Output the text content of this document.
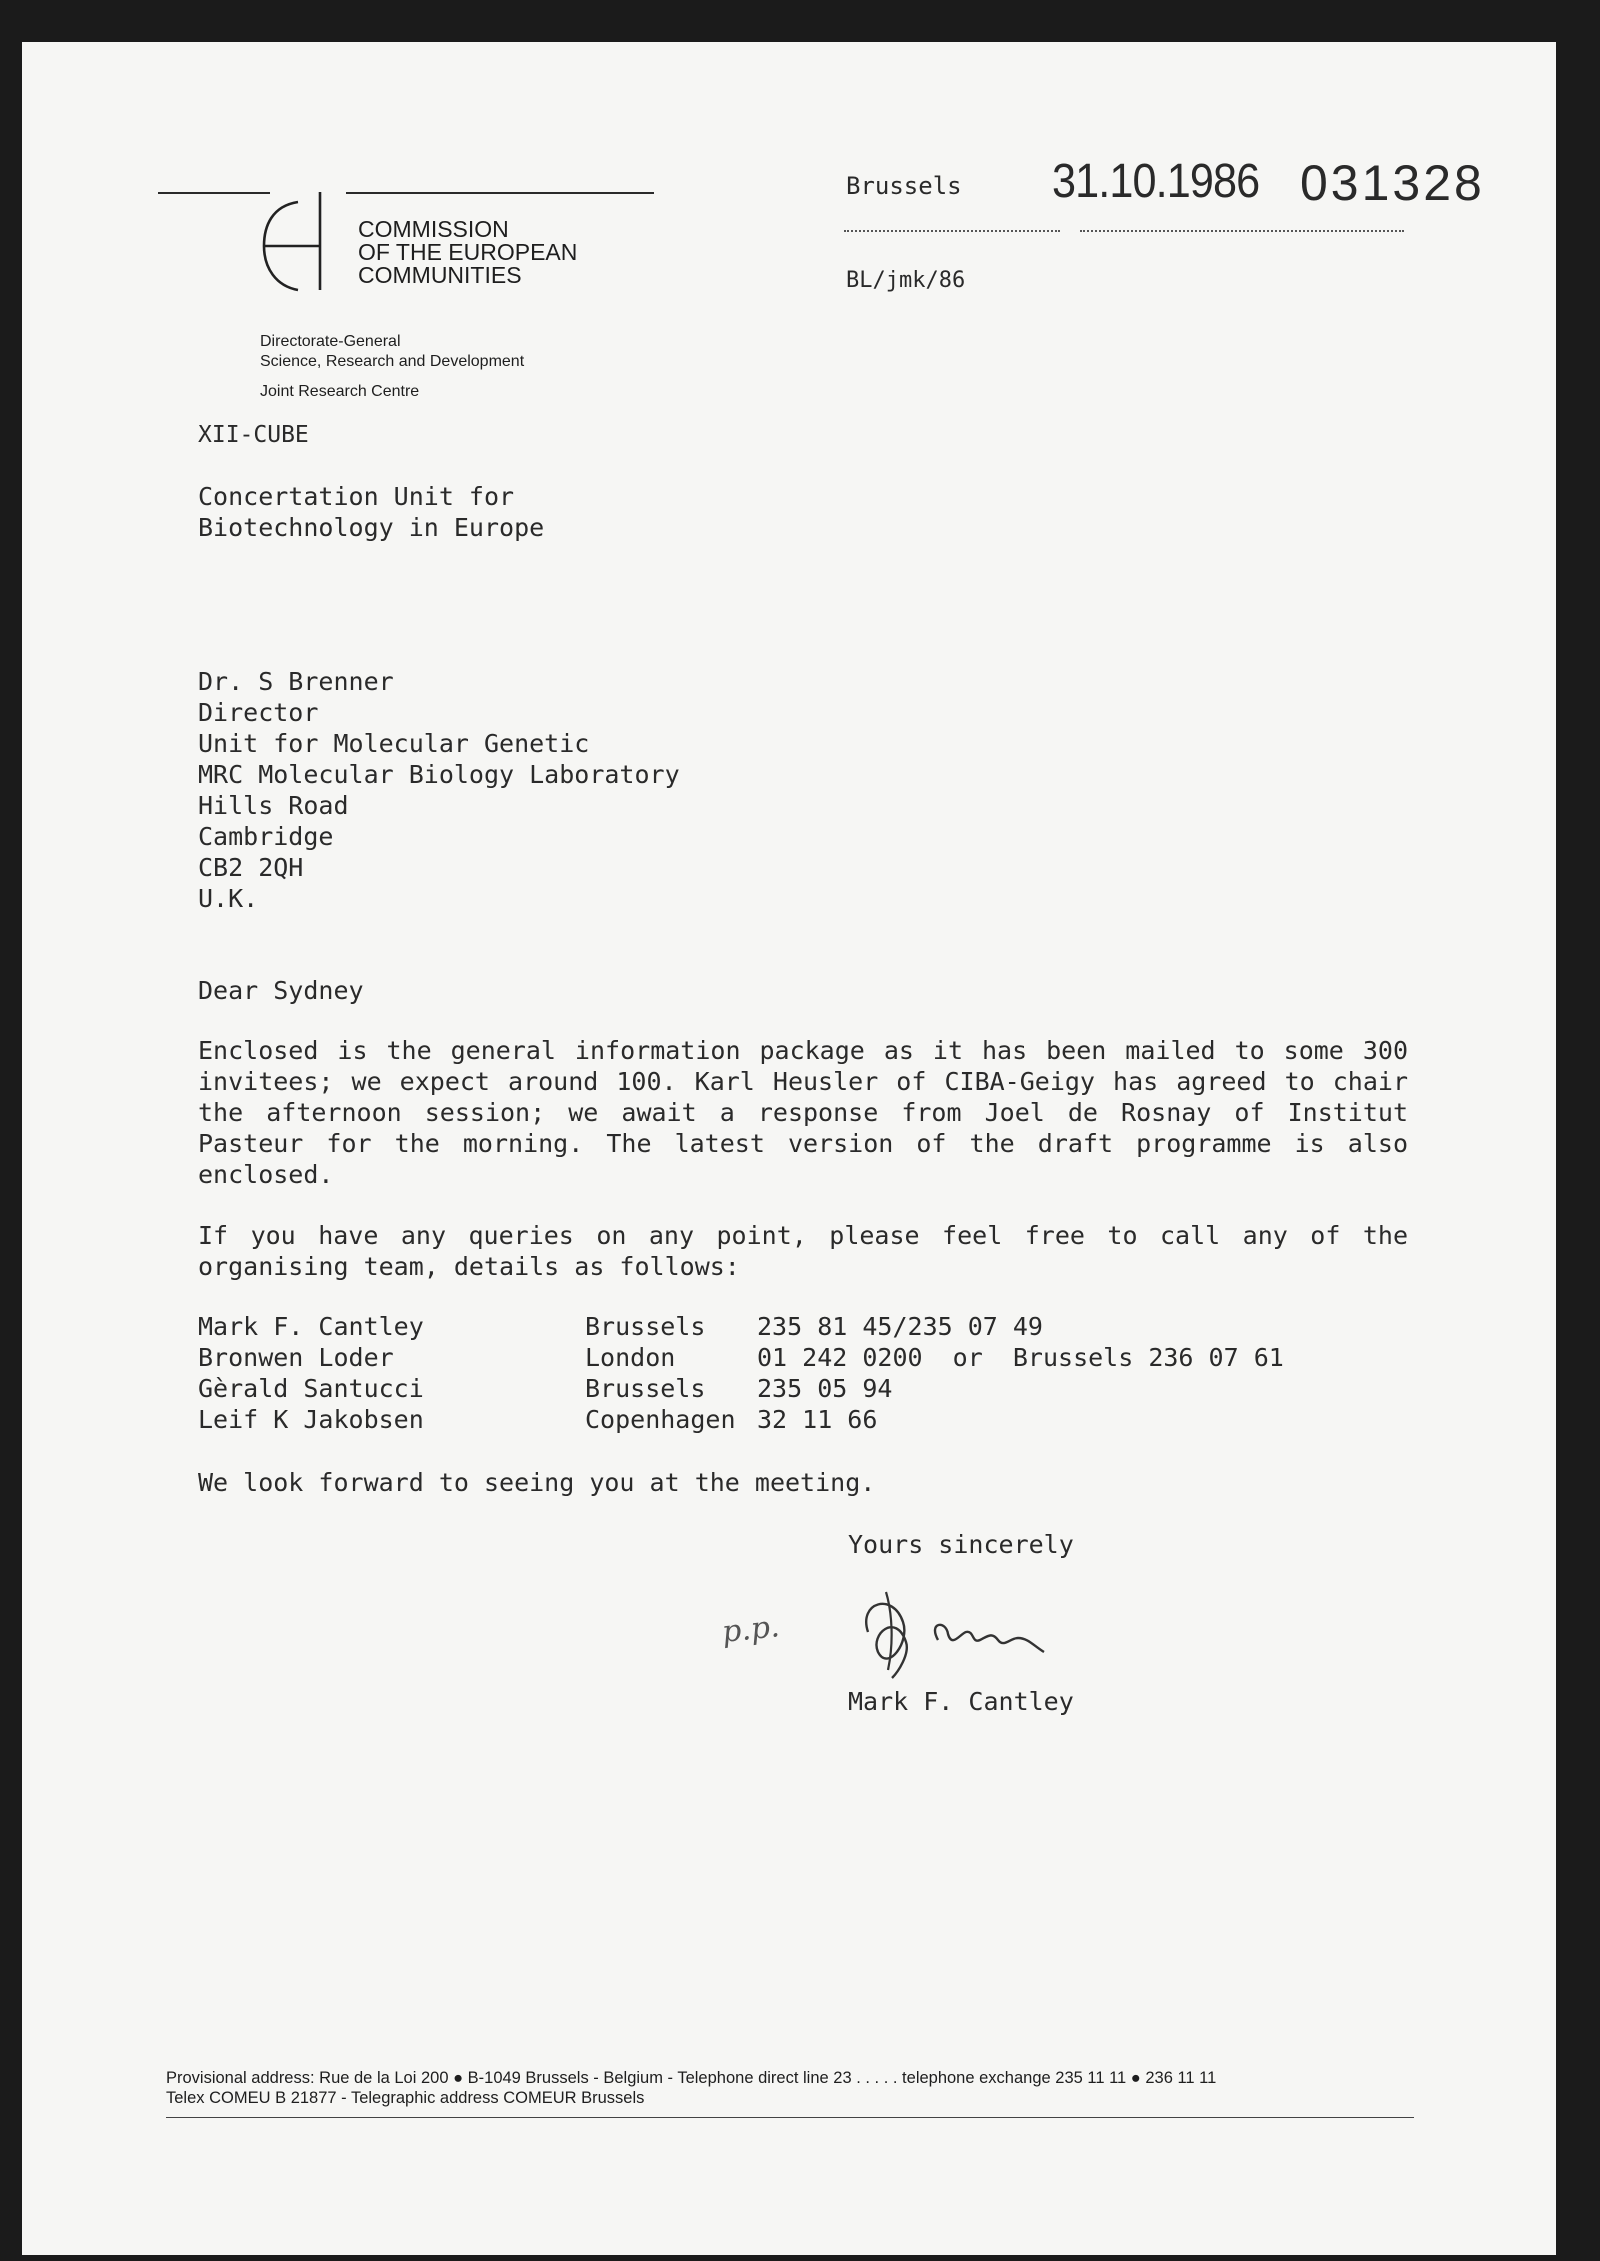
COMMISSION
OF THE EUROPEAN
COMMUNITIES
Directorate-General
Science, Research and Development
Joint Research Centre
Brussels 31.10.1986 031328
BL/jmk/86
XII-CUBE
Concertation Unit for
Biotechnology in Europe
Dr. S Brenner
Director
Unit for Molecular Genetic
MRC Molecular Biology Laboratory
Hills Road
Cambridge
CB2 2QH
U.K.
Dear Sydney
Enclosed is the general information package as it has been mailed to some 300 invitees; we expect around 100. Karl Heusler of CIBA-Geigy has agreed to chair the afternoon session; we await a response from Joel de Rosnay of Institut Pasteur for the morning. The latest version of the draft programme is also enclosed.
If you have any queries on any point, please feel free to call any of the organising team, details as follows:
Mark F. Cantley	Brussels 235 81 45/235 07 49
Bronwen Loder	London	01 242 0200  or  Brussels 236 07 61
Gèrald Santucci	Brussels 235 05 94
Leif K Jakobsen	Copenhagen 32 11 66
We look forward to seeing you at the meeting.
Yours sincerely
p.p.
Mark F. Cantley
Provisional address: Rue de la Loi 200 ● B-1049 Brussels - Belgium - Telephone direct line 23 . . . . . telephone exchange 235 11 11 ● 236 11 11
Telex COMEU B 21877 - Telegraphic address COMEUR Brussels
